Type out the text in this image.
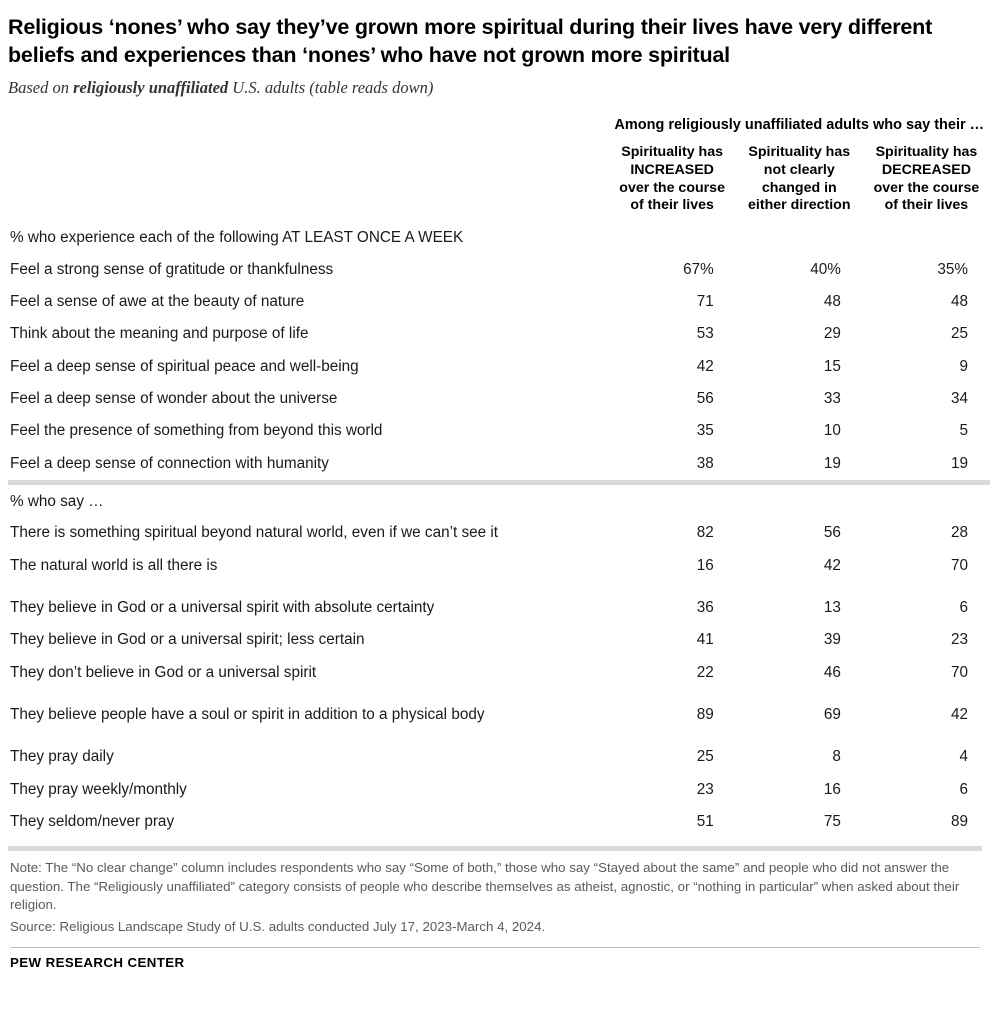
Religious ‘nones’ who say they’ve grown more spiritual during their lives have very different beliefs and experiences than ‘nones’ who have not grown more spiritual
Based on religiously unaffiliated U.S. adults (table reads down)
	Among religiously unaffiliated adults who say their …		
	Spirituality has INCREASED over the course of their lives	Spirituality has not clearly changed in either direction	Spirituality has DECREASED over the course of their lives
% who experience each of the following AT LEAST ONCE A WEEK			
Feel a strong sense of gratitude or thankfulness	67%	40%	35%
Feel a sense of awe at the beauty of nature	71	48	48
Think about the meaning and purpose of life	53	29	25
Feel a deep sense of spiritual peace and well-being	42	15	9
Feel a deep sense of wonder about the universe	56	33	34
Feel the presence of something from beyond this world	35	10	5
Feel a deep sense of connection with humanity	38	19	19

% who say …			
There is something spiritual beyond natural world, even if we can’t see it	82	56	28
The natural world is all there is	16	42	70

They believe in God or a universal spirit with absolute certainty	36	13	6
They believe in God or a universal spirit; less certain	41	39	23
They don’t believe in God or a universal spirit	22	46	70

They believe people have a soul or spirit in addition to a physical body	89	69	42

They pray daily	25	8	4
They pray weekly/monthly	23	16	6
They seldom/never pray	51	75	89

Note: The “No clear change” column includes respondents who say “Some of both,” those who say “Stayed about the same” and people who did not answer the question. The “Religiously unaffiliated” category consists of people who describe themselves as atheist, agnostic, or “nothing in particular” when asked about their religion.

Source: Religious Landscape Study of U.S. adults conducted July 17, 2023-March 4, 2024.

PEW RESEARCH CENTER
